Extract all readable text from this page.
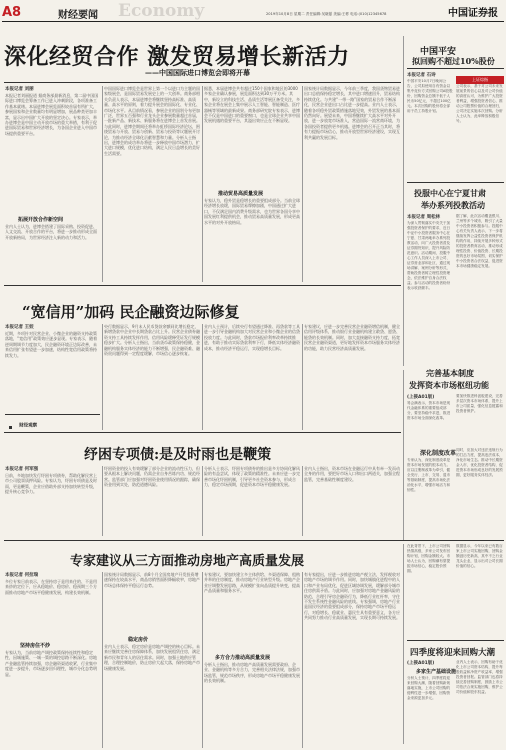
A8	财经要闻 Economy	2019年10月8日 星期二 责任编辑:吴晓蔓 美编:王彬 电话:(010)12345678	中国证券报
深化经贸合作 激发贸易增长新活力
——中国国际进口博览会即将开幕
本报记者 刘丽
本报记者刘丽报道 据商务部最新消息，第二届中国国际进口博览会筹备工作已进入冲刺阶段，各项准备工作基本就绪。本届进博会展览面积较首届有所扩大，参展国家和企业数量均有明显增加，展品种类更加丰富，显示出中国扩大开放的坚定决心。专家表示，举办进博会是中国主动开放市场的重大举措，有利于促进国际贸易和世界经济增长，为各国企业进入中国市场提供重要平台。
拓展开放合作新空间
业内人士认为，进博会搭建了国际采购、投资促进、人文交流、开放合作的平台，将进一步推动形成全面开放新格局，为世界经济注入新的动力和活力。
中国国际进口博览会是世界上第一个以进口为主题的国家级展会，是国际贸易发展史上的一大创举。商务部相关负责人表示，本届进博会将继续坚持高标准、高质量、高水平的原则，着力提升展会的国际化、专业化、市场化水平。从目前情况看，参展企业的国别分布更加广泛，世界五百强和行业龙头企业参展数量超过首届，一批新产品、新技术、新服务将在进博会上首发首展。与此同时，进博会期间还将举办虹桥国际经济论坛，围绕贸易与开放、贸易与创新、贸易与投资等议题展开讨论，为推动经济全球化贡献智慧和力量。分析人士指出，进博会的成功举办将进一步释放中国市场潜力，扩大进口规模，优化进口结构，满足人民日益增长的美好生活需要。
据悉，本届进博会共有超过150个国家和地区的3000多家企业确认参展，展览面积达到30万平方米。其中，新设立的科技生活、品质生活等展区备受关注，多家企业将在展会上集中展示人工智能、智能制造、医疗器械等领域的最新成果。商务部研究院专家表示，进博会不仅是中国进口的重要窗口，也是全球企业共享中国发展机遇的重要平台，其溢出效应正在不断显现。
推动贸易高质量发展
专家认为，稳外贸是稳增长的重要组成部分。当前全球经济增长放缓，国际贸易摩擦加剧，中国通过扩大进口，不仅满足国内消费升级需求，也为世界各国分享中国发展红利提供机会，推动贸易高质量发展，形成更高水平的对外开放格局。
国家统计局数据显示，今年前三季度，我国货物贸易进出口总值保持稳定增长，其中进口增速回升，贸易结构持续优化。与共建“一带一路”国家的贸易合作不断深化，民营企业进出口占比进一步提高。业内人士表示，随着各项稳外贸政策措施落地见效，外贸发展的基本面仍然向好。展望未来，中国将继续扩大高水平对外开放，进一步放宽市场准入，营造国际一流营商环境，为各国投资者提供更多机遇。进博会的召开正当其时，将有力提振市场信心，推动开放型世界经济建设，实现互利共赢的发展目标。
中国平安
拟回购不超过10%股份
本报记者 石诗
中国平安10月7日晚间公告，公司拟使用自有资金以集中竞价方式回购公司A股股份，回购资金总额不低于人民币50亿元，不超过100亿元。本次回购的股份将全部用于员工持股计划。
上证综指
公司表示，基于对公司未来发展前景的信心以及对公司价值的高度认可，为维护广大投资者利益，增强投资者信心，推动公司股票价值的合理回归，公司决定实施本次回购。分析人士认为，此举释放积极信号。
投服中心在宁夏甘肃
举办系列投教活动
本报记者 周松林
为深入贯彻落实中央关于加强投资者保护的要求，近日中证中小投资者服务中心在宁夏、甘肃两地举办系列投教活动，向广大投资者普及证券期货知识，提升风险防范意识。活动期间，投服中心工作人员深入上市公司、证券营业部和社区，通过现场讲解、案例分析等形式，帮助投资者树立理性投资理念，依法维护自身合法权益。参与活动的投资者纷纷表示收获颇丰。
据了解，此次活动覆盖银川、兰州等多个城市，吸引了大量中小投资者积极参与。投服中心有关负责人表示，下一步将继续发挥公益性投资者保护机构的作用，持续开展多种形式的投资者教育活动，推动形成理性投资、价值投资、长期投资的良好市场氛围，切实保护中小投资者合法权益，促进资本市场健康稳定发展。
“宽信用”加码 民企融资边际修复
本报记者 王姣
近期，多项针对民营企业、小微企业的融资支持政策落地，“宽信用”政策效应逐步显现。专家表示，随着逆周期调节力度加大，民企融资环境正边际改善，未来信用扩张有望进一步加速，结构性宽信用政策将持续发力。
央行数据显示，9月末人民币贷款余额同比增长稳定，新增贷款中企业中长期贷款占比上升。民营企业债券融资支持工具持续发挥作用，信用风险缓释凭证发行规模稳步扩大。分析人士指出，当前货币政策保持稳健，金融机构服务实体经济的能力不断增强，民企融资难、融资贵问题得到一定程度缓解，市场信心逐步恢复。
业内人士预计，后续央行有望通过降准、再贷款等工具进一步引导金融机构加大对民营企业和小微企业的信贷投放力度。与此同时，贷款市场报价利率改革持续推进，有助于推动实际贷款利率下行，降低实体经济融资成本，推动经济平稳运行，实现稳增长目标。
专家建议，应进一步完善民营企业融资增信机制，健全信用评级体系，推动银行业金融机构建立敢贷、愿贷、能贷的长效机制。同时，加大直接融资支持力度，拓宽民营企业融资渠道，更好地发挥资本市场服务实体经济的功能，助力民营经济高质量发展。
财经观察
纾困专项债:是及时雨也是鞭策
本报记者 何军强
日前，多地加快发行纾困专项债券，帮助化解民营上市公司股票质押风险。专家认为，纾困专项债是及时雨，更是鞭策，企业应借助外部支持加快转型升级，提升核心竞争力。
纾困资金的投入有效缓解了部分企业的流动性压力，但要从根本上解决问题，仍需企业自身苦练内功、规范经营。监管部门应加强对纾困资金使用情况的跟踪，确保资金用到实处，防范道德风险。
分析人士表示，纾困专项债券的推出是多方协同化解风险的有益尝试，体现了政策的精准性。未来应进一步完善市场化纾困机制，引导更多社会资本参与，形成合力，稳定市场预期，促进资本市场平稳健康发展。
业内人士指出，资本市场在金融运行中具有牵一发而动全身的作用，要把好市场入口和出口两道关，加强全程监管，完善基础性制度建设。
完善基本制度
发挥资本市场枢纽功能
(上接A01版)
易会满表示，资本市场是现代金融体系的重要组成部分，要坚持稳中求进，推进资本市场全面深化改革。
要加快推进科创板建设，完善多层次资本市场体系，提升上市公司质量，强化信息披露和投资者保护。
深化制度改革
专家认为，深化制度改革是资本市场发展的根本动力。应以注册制改革为牵引，健全发行、上市、交易、退市等基础制度，提高市场化法治化水平，增强市场活力和韧性。
同时，应加大对违法违规行为的打击力度，提高违法成本，净化市场生态。推动中长期资金入市，优化投资者结构，促进资本市场形成良好的发展预期，更好服务实体经济。
专家建议从三方面推动房地产高质量发展
本报记者 何拉瑞
多位专家日前表示，在坚持房子是用来住的、不是用来炒的定位下，应从稳地价、稳房价、稳预期三个方面推动房地产市场平稳健康发展，构建长效机制。
坚持房住不炒
专家认为，当前房地产调控政策保持连续性和稳定性，因城施策、一城一策的调控思路不断深化。房地产金融监管持续加强，房企融资渠道收紧，行业集中度进一步提升，市场逐步回归理性，城市分化态势明显。
国家统计局数据显示，前8个月全国房地产开发投资增速保持在较高水平，商品房销售面积降幅收窄，房地产市场总体保持平稳运行态势。
稳定房价
业内人士表示，稳定房价是房地产调控的核心目标。未来应继续完善住房保障体系，加快发展租赁住房，满足新市民和青年人的居住需求。同时，加强土地供应管理，合理控制地价，防止房价大起大落，保持房地产市场健康发展。
专家建议，要加快建立多主体供给、多渠道保障、租购并举的住房制度，推动房地产行业转型升级。房地产企业应调整发展思路，从规模扩张向品质提升转变，提高产品质量和服务水平。
多方合力推动高质量发展
分析人士指出，推动房地产高质量发展需要政府、企业、金融机构等多方合力，完善相关法律法规，加强市场监管，规范市场秩序，形成房地产市场平稳健康发展的长效机制。
有专家提出，应进一步推进房地产税立法，发挥税收对房地产市场的调节作用。同时，加快城镇化进程中的人口和产业布局优化，促进区域协调发展，缓解部分城市住房供需矛盾。与此同时，应加强对房地产金融风险的防范，合理引导房企融资行为，降低行业杠杆率，守住不发生系统性金融风险的底线。专家强调，房地产行业是国民经济的重要组成部分，保持房地产市场平稳运行，对稳增长、稳就业、惠民生具有重要意义，各方应共同努力推动行业高质量发展，实现长期可持续发展。
在此背景下，上市公司回购热情高涨，多家公司发布回购计划，回购金额较大。市场人士认为，回购潮有望提振市场信心，稳定股价预期。
数据显示，今年以来已有数百家上市公司实施回购，回购金额创历史新高，其中不乏行业龙头企业，显示出对公司长期价值的信心。
四季度将迎来回购大潮
(上接A01版)
多家生产基础设施
分析人士预计，四季度将迎来回购大潮，随着回购新规落地实施，上市公司回购的便利性进一步增强，回购资金来源更加多元。
业内人士表示，回购有助于优化上市公司资本结构，提升每股收益和净资产收益率，增强投资者回报。监管部门也将持续完善回购制度，鼓励上市公司依法合规实施回购，维护公司价值和股东权益。
